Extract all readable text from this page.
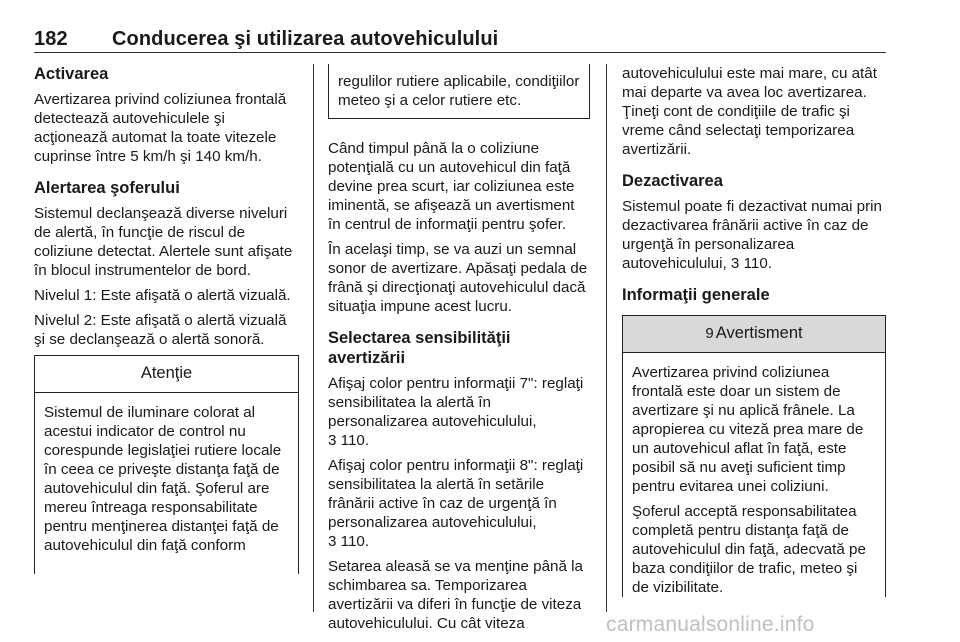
182 Conducerea şi utilizarea autovehiculului
Activarea

Avertizarea privind coliziunea frontală detectează autovehiculele şi acţionează automat la toate vitezele cuprinse între 5 km/h şi 140 km/h.

Alertarea şoferului

Sistemul declanşează diverse niveluri de alertă, în funcţie de riscul de coliziune detectat. Alertele sunt afişate în blocul instrumentelor de bord.

Nivelul 1: Este afişată o alertă vizuală.

Nivelul 2: Este afişată o alertă vizuală şi se declanşează o alertă sonoră.

Atenţie

Sistemul de iluminare colorat al acestui indicator de control nu corespunde legislaţiei rutiere locale în ceea ce priveşte distanţa faţă de autovehiculul din faţă. Şoferul are mereu întreaga responsabilitate pentru menţinerea distanţei faţă de autovehiculul din faţă conform

regulilor rutiere aplicabile, condiţiilor meteo şi a celor rutiere etc.

Când timpul până la o coliziune potenţială cu un autovehicul din faţă devine prea scurt, iar coliziunea este iminentă, se afişează un avertisment în centrul de informaţii pentru şofer.

În acelaşi timp, se va auzi un semnal sonor de avertizare. Apăsaţi pedala de frână şi direcţionaţi autovehiculul dacă situaţia impune acest lucru.

Selectarea sensibilităţii avertizării

Afişaj color pentru informaţii 7": reglaţi sensibilitatea la alertă în personalizarea autovehiculului,

3 110.

Afişaj color pentru informaţii 8": reglaţi sensibilitatea la alertă în setările frânării active în caz de urgenţă în personalizarea autovehiculului,

3 110.

Setarea aleasă se va menţine până la schimbarea sa. Temporizarea avertizării va diferi în funcţie de viteza autovehiculului. Cu cât viteza

autovehiculului este mai mare, cu atât mai departe va avea loc avertizarea. Ţineţi cont de condiţiile de trafic şi vreme când selectaţi temporizarea avertizării.

Dezactivarea

Sistemul poate fi dezactivat numai prin dezactivarea frânării active în caz de urgenţă în personalizarea autovehiculului, 3 110.

Informaţii generale
9 Avertisment

Avertizarea privind coliziunea frontală este doar un sistem de avertizare şi nu aplică frânele. La apropierea cu viteză prea mare de un autovehicul aflat în faţă, este posibil să nu aveţi suficient timp pentru evitarea unei coliziuni.

Şoferul acceptă responsabilitatea completă pentru distanţa faţă de autovehiculul din faţă, adecvată pe baza condiţiilor de trafic, meteo şi de vizibilitate.

carmanualsonline.info
